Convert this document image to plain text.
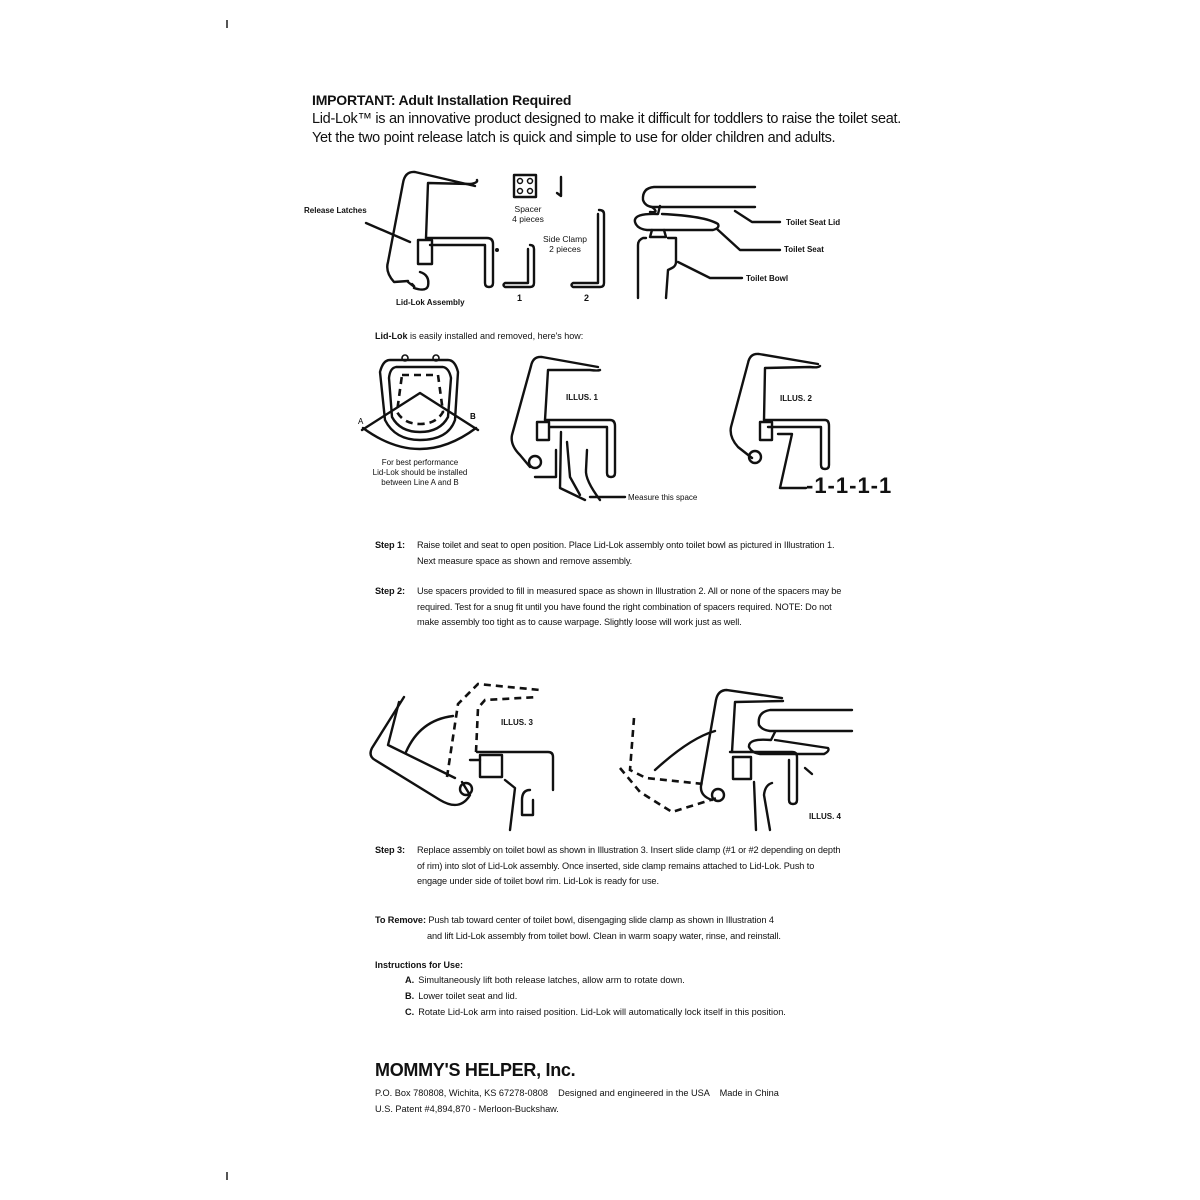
IMPORTANT: Adult Installation Required
Lid-Lok™ is an innovative product designed to make it difficult for toddlers to raise the toilet seat. Yet the two point release latch is quick and simple to use for older children and adults.
Release Latches
Lid-Lok Assembly
Spacer
4 pieces
Side Clamp
2 pieces
1	2
Toilet Seat Lid
Toilet Seat
Toilet Bowl
Lid-Lok is easily installed and removed, here's how:
A
B
For best performance
Lid-Lok should be installed
between Line A and B
ILLUS. 1
Measure this space
ILLUS. 2
-1-1-1-1
Step 1: Raise toilet and seat to open position. Place Lid-Lok assembly onto toilet bowl as pictured in Illustration 1. Next measure space as shown and remove assembly.
Step 2: Use spacers provided to fill in measured space as shown in Illustration 2. All or none of the spacers may be required. Test for a snug fit until you have found the right combination of spacers required. NOTE: Do not make assembly too tight as to cause warpage. Slightly loose will work just as well.
ILLUS. 3
ILLUS. 4
Step 3: Replace assembly on toilet bowl as shown in Illustration 3. Insert slide clamp (#1 or #2 depending on depth of rim) into slot of Lid-Lok assembly. Once inserted, side clamp remains attached to Lid-Lok. Push to engage under side of toilet bowl rim. Lid-Lok is ready for use.
To Remove: Push tab toward center of toilet bowl, disengaging slide clamp as shown in Illustration 4
and lift Lid-Lok assembly from toilet bowl. Clean in warm soapy water, rinse, and reinstall.
Instructions for Use:
A. Simultaneously lift both release latches, allow arm to rotate down.
B. Lower toilet seat and lid.
C. Rotate Lid-Lok arm into raised position. Lid-Lok will automatically lock itself in this position.
MOMMY'S HELPER, Inc.
P.O. Box 780808, Wichita, KS 67278-0808    Designed and engineered in the USA    Made in China
U.S. Patent #4,894,870 - Merloon-Buckshaw.
